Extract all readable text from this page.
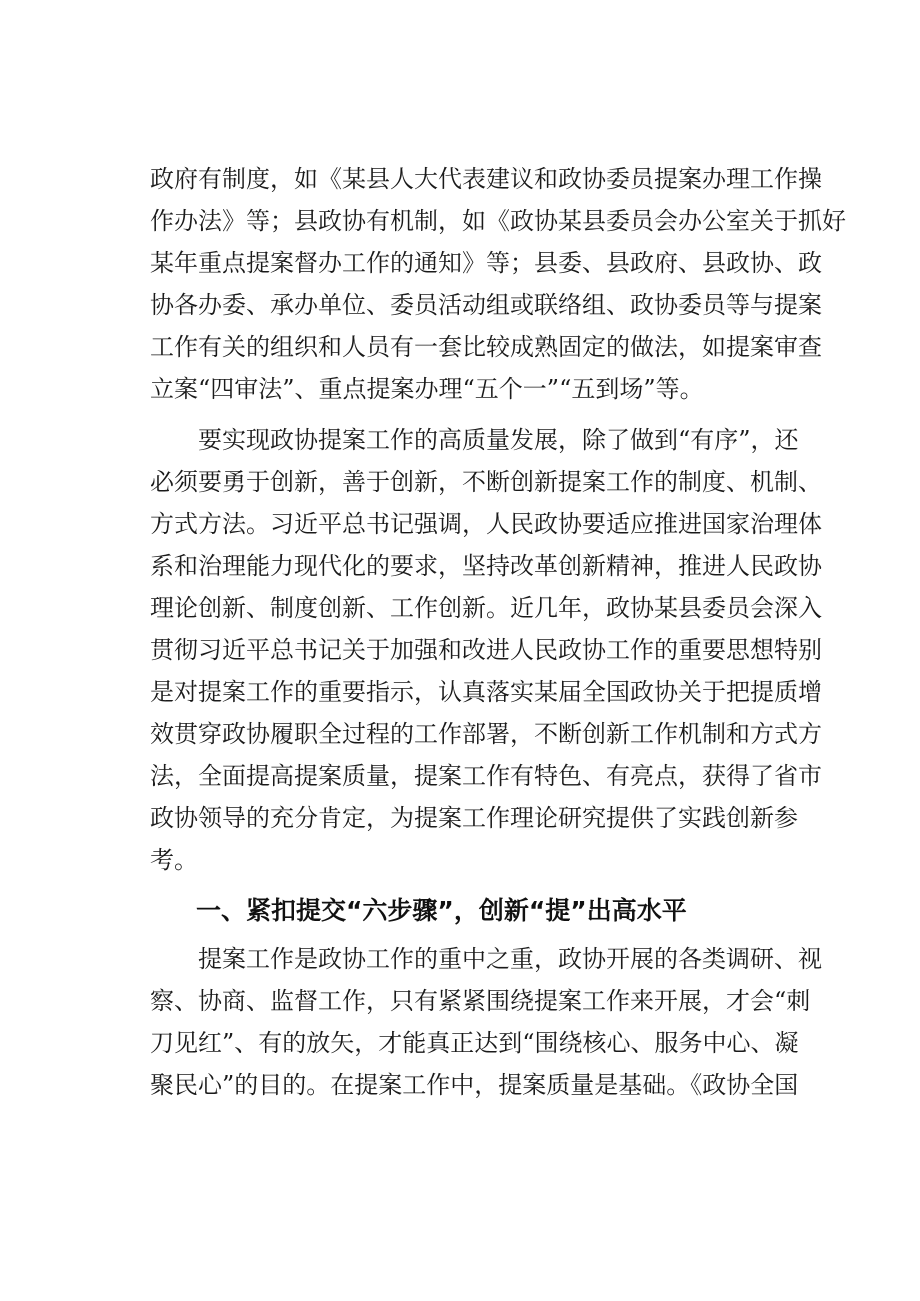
政府有制度，如《某县人大代表建议和政协委员提案办理工作操
作办法》等；县政协有机制，如《政协某县委员会办公室关于抓好
某年重点提案督办工作的通知》等；县委、县政府、县政协、政
协各办委、承办单位、委员活动组或联络组、政协委员等与提案
工作有关的组织和人员有一套比较成熟固定的做法，如提案审查
立案“四审法”、重点提案办理“五个一”“五到场”等。
要实现政协提案工作的高质量发展，除了做到“有序”，还
必须要勇于创新，善于创新，不断创新提案工作的制度、机制、
方式方法。习近平总书记强调，人民政协要适应推进国家治理体
系和治理能力现代化的要求，坚持改革创新精神，推进人民政协
理论创新、制度创新、工作创新。近几年，政协某县委员会深入
贯彻习近平总书记关于加强和改进人民政协工作的重要思想特别
是对提案工作的重要指示，认真落实某届全国政协关于把提质增
效贯穿政协履职全过程的工作部署，不断创新工作机制和方式方
法，全面提高提案质量，提案工作有特色、有亮点，获得了省市
政协领导的充分肯定，为提案工作理论研究提供了实践创新参
考。
一、紧扣提交“六步骤”，创新“提”出高水平
提案工作是政协工作的重中之重，政协开展的各类调研、视
察、协商、监督工作，只有紧紧围绕提案工作来开展，才会“刺
刀见红”、有的放矢，才能真正达到“围绕核心、服务中心、凝
聚民心”的目的。在提案工作中，提案质量是基础。《政协全国
